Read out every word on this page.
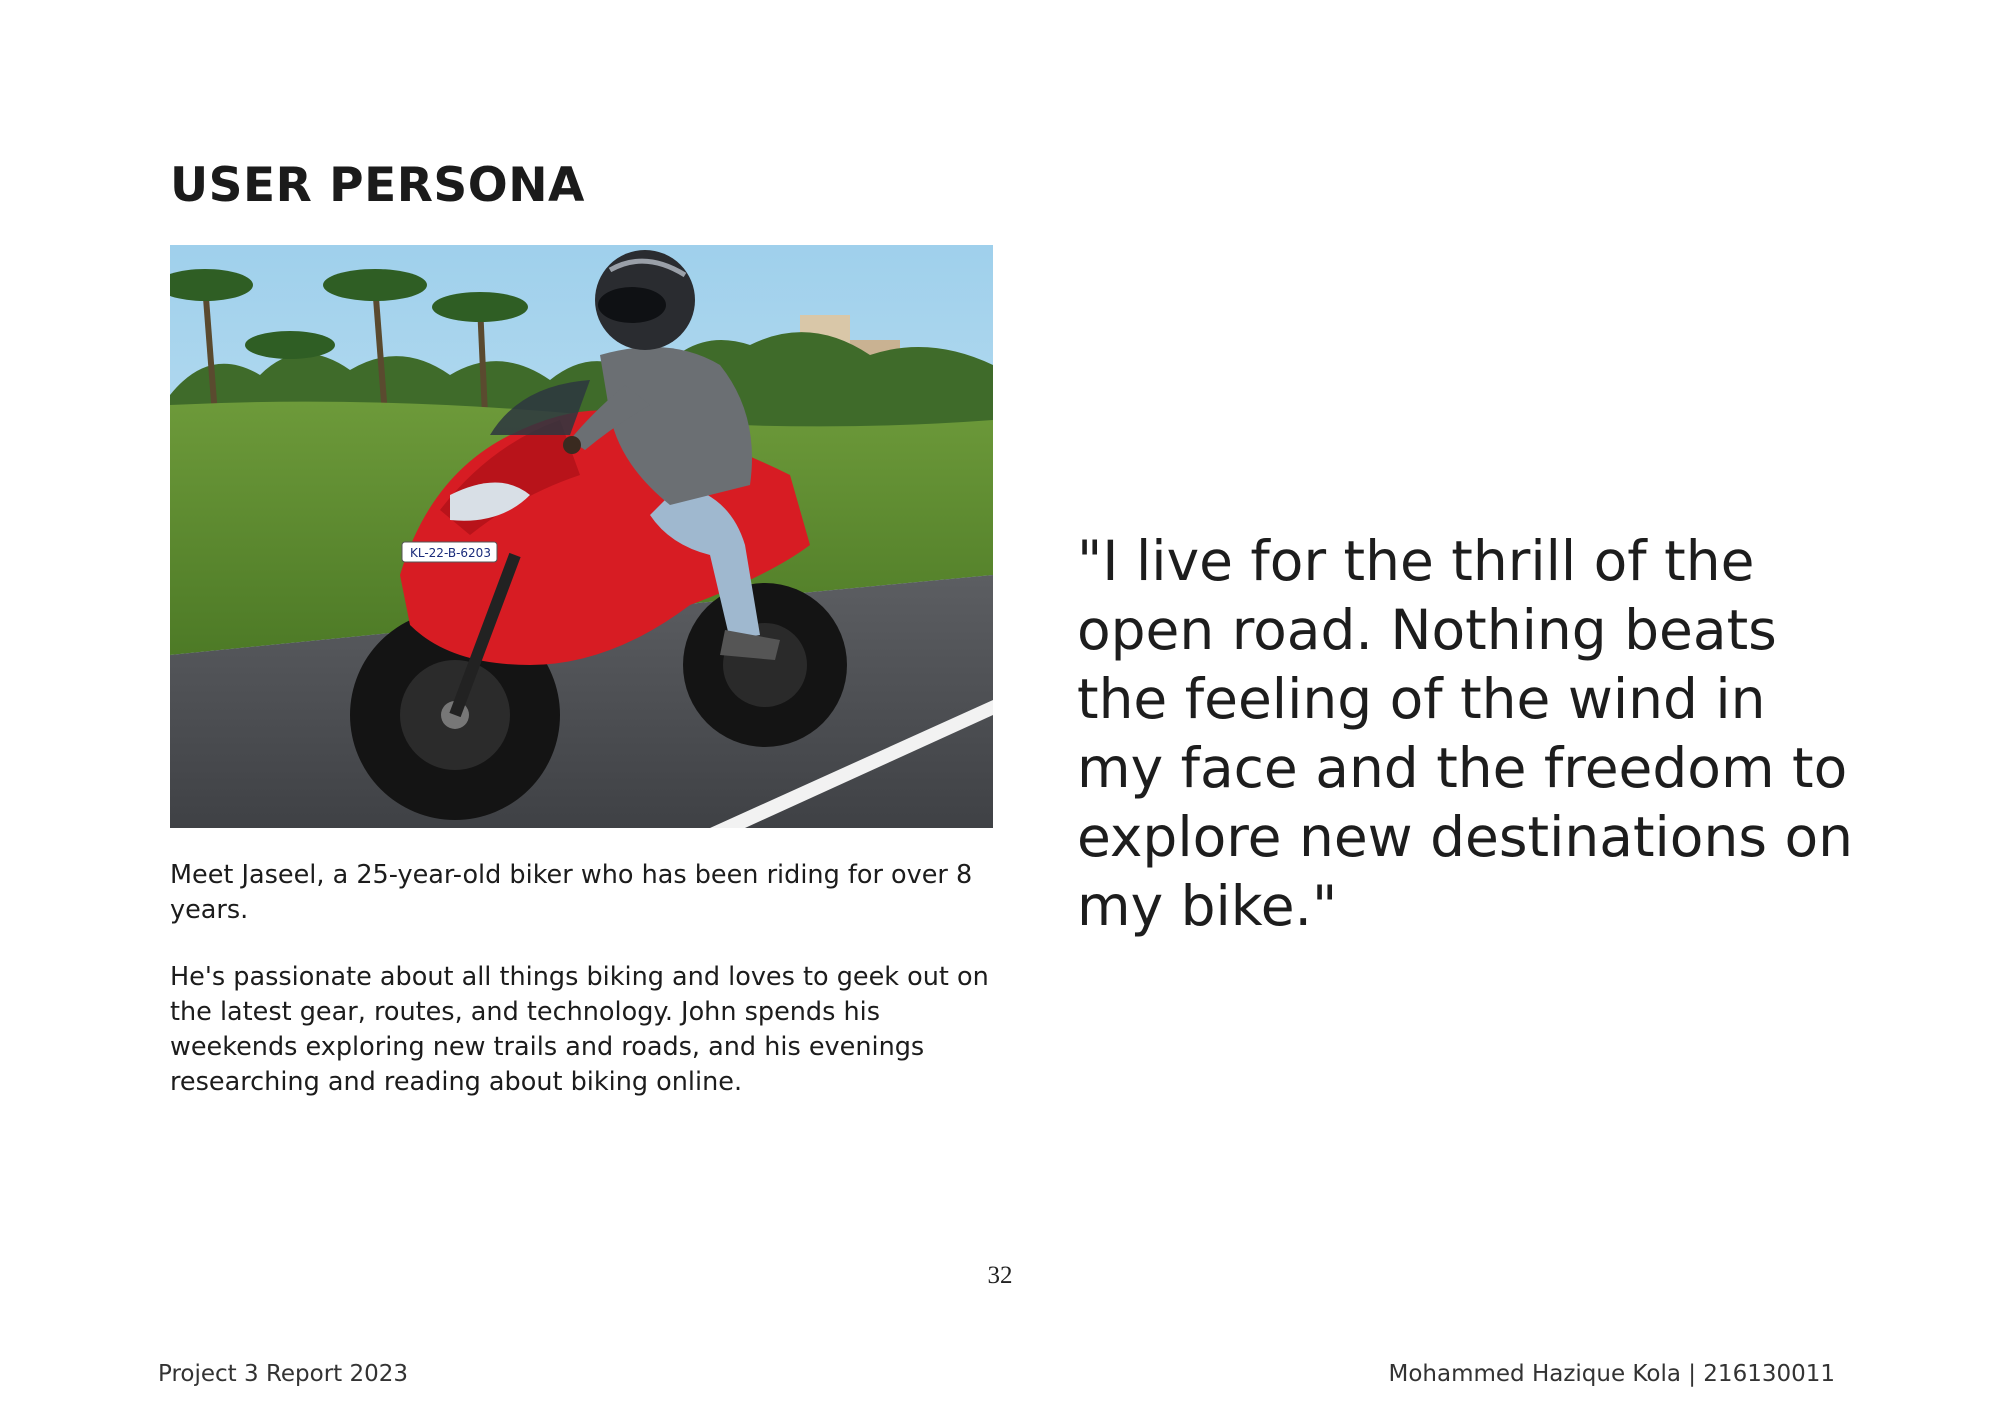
USER PERSONA
KL-22-B-6203

Meet Jaseel, a 25-year-old biker who has been riding for over 8 years.

He's passionate about all things biking and loves to geek out on the latest gear, routes, and technology. John spends his weekends exploring new trails and roads, and his evenings researching and reading about biking online.

"I live for the thrill of the open road. Nothing beats the feeling of the wind in my face and the freedom to explore new destinations on my bike."
32
Project 3 Report 2023	Mohammed Hazique Kola | 216130011
